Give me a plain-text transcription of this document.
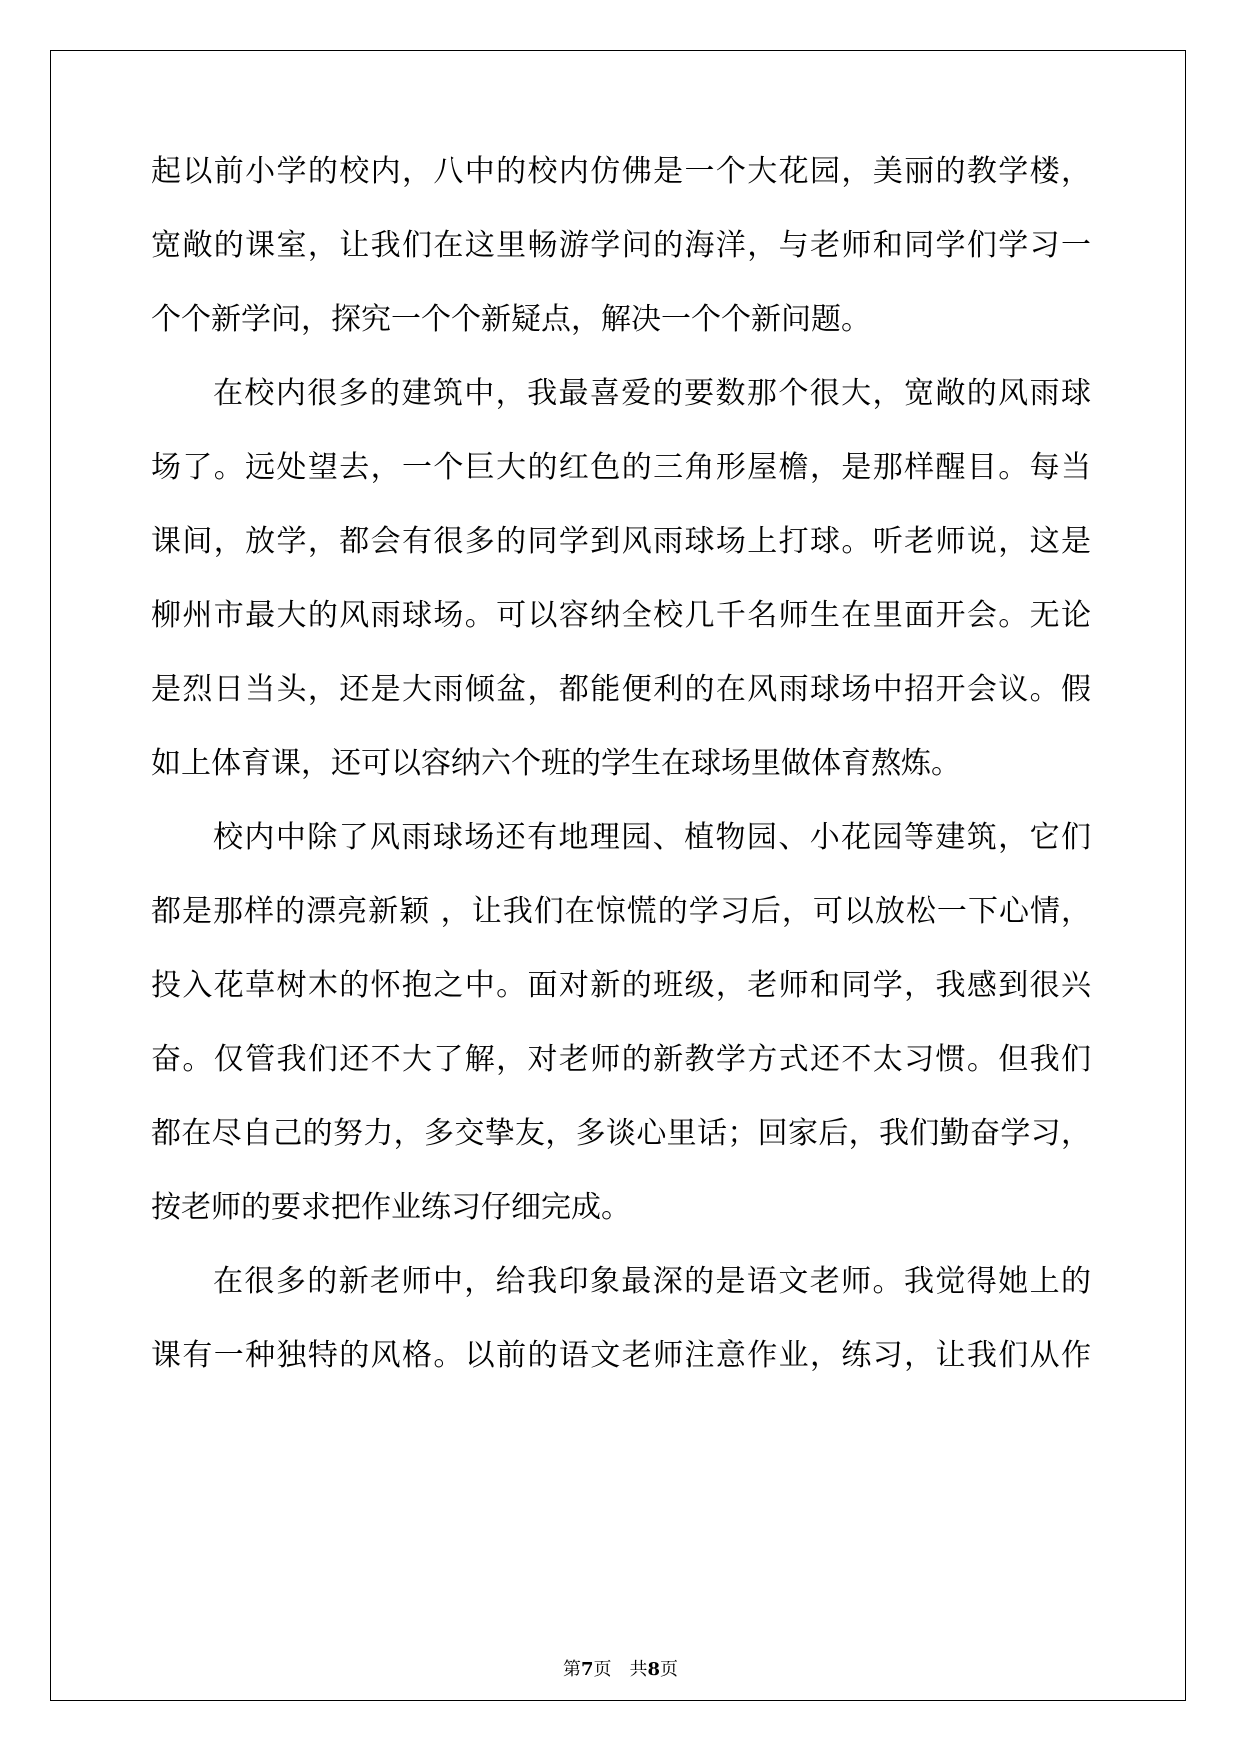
起以前小学的校内，八中的校内仿佛是一个大花园，美丽的教学楼，
宽敞的课室，让我们在这里畅游学问的海洋，与老师和同学们学习一
个个新学问，探究一个个新疑点，解决一个个新问题。
在校内很多的建筑中，我最喜爱的要数那个很大，宽敞的风雨球
场了。远处望去，一个巨大的红色的三角形屋檐，是那样醒目。每当
课间，放学，都会有很多的同学到风雨球场上打球。听老师说，这是
柳州市最大的风雨球场。可以容纳全校几千名师生在里面开会。无论
是烈日当头，还是大雨倾盆，都能便利的在风雨球场中招开会议。假
如上体育课，还可以容纳六个班的学生在球场里做体育熬炼。
校内中除了风雨球场还有地理园、植物园、小花园等建筑，它们
都是那样的漂亮新颖 ，让我们在惊慌的学习后，可以放松一下心情，
投入花草树木的怀抱之中。面对新的班级，老师和同学，我感到很兴
奋。仅管我们还不大了解，对老师的新教学方式还不太习惯。但我们
都在尽自己的努力，多交挚友，多谈心里话；回家后，我们勤奋学习，
按老师的要求把作业练习仔细完成。
在很多的新老师中，给我印象最深的是语文老师。我觉得她上的
课有一种独特的风格。以前的语文老师注意作业，练习，让我们从作
第7页 共8页
